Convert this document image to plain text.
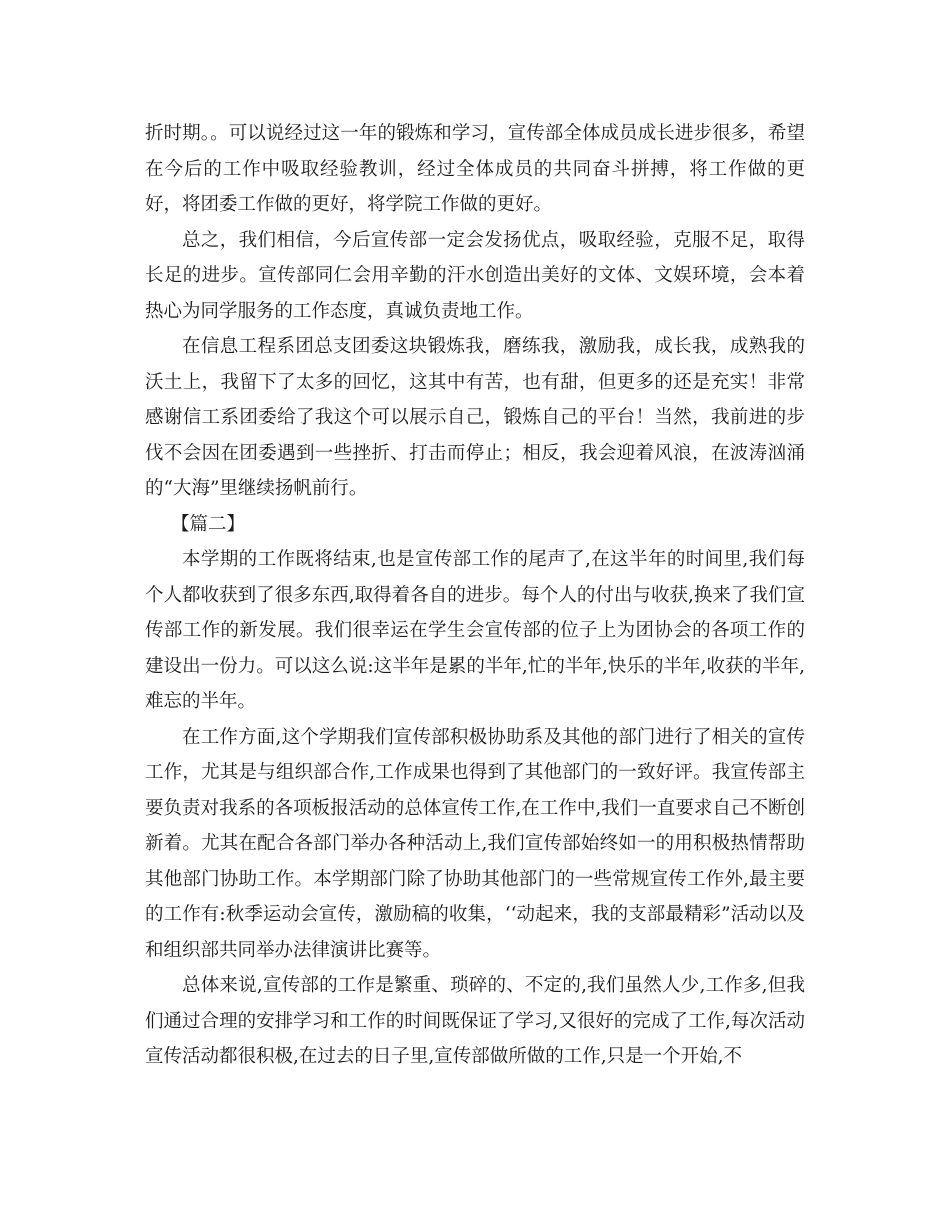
折时期。。可以说经过这一年的锻炼和学习，宣传部全体成员成长进步很多，希望在今后的工作中吸取经验教训，经过全体成员的共同奋斗拼搏，将工作做的更好，将团委工作做的更好，将学院工作做的更好。

总之，我们相信，今后宣传部一定会发扬优点，吸取经验，克服不足，取得长足的进步。宣传部同仁会用辛勤的汗水创造出美好的文体、文娱环境，会本着热心为同学服务的工作态度，真诚负责地工作。

在信息工程系团总支团委这块锻炼我，磨练我，激励我，成长我，成熟我的沃土上，我留下了太多的回忆，这其中有苦，也有甜，但更多的还是充实！非常感谢信工系团委给了我这个可以展示自己，锻炼自己的平台！当然，我前进的步伐不会因在团委遇到一些挫折、打击而停止；相反，我会迎着风浪，在波涛汹涌的“大海”里继续扬帆前行。

【篇二】

本学期的工作既将结束,也是宣传部工作的尾声了,在这半年的时间里,我们每个人都收获到了很多东西,取得着各自的进步。每个人的付出与收获,换来了我们宣传部工作的新发展。我们很幸运在学生会宣传部的位子上为团协会的各项工作的建设出一份力。可以这么说:这半年是累的半年,忙的半年,快乐的半年,收获的半年,难忘的半年。

在工作方面,这个学期我们宣传部积极协助系及其他的部门进行了相关的宣传工作，尤其是与组织部合作,工作成果也得到了其他部门的一致好评。我宣传部主要负责对我系的各项板报活动的总体宣传工作,在工作中,我们一直要求自己不断创新着。尤其在配合各部门举办各种活动上,我们宣传部始终如一的用积极热情帮助其他部门协助工作。本学期部门除了协助其他部门的一些常规宣传工作外,最主要的工作有:秋季运动会宣传，激励稿的收集，‘‘动起来，我的支部最精彩”活动以及和组织部共同举办法律演讲比赛等。

总体来说,宣传部的工作是繁重、琐碎的、不定的,我们虽然人少,工作多,但我们通过合理的安排学习和工作的时间既保证了学习,又很好的完成了工作,每次活动宣传活动都很积极,在过去的日子里,宣传部做所做的工作,只是一个开始,不
